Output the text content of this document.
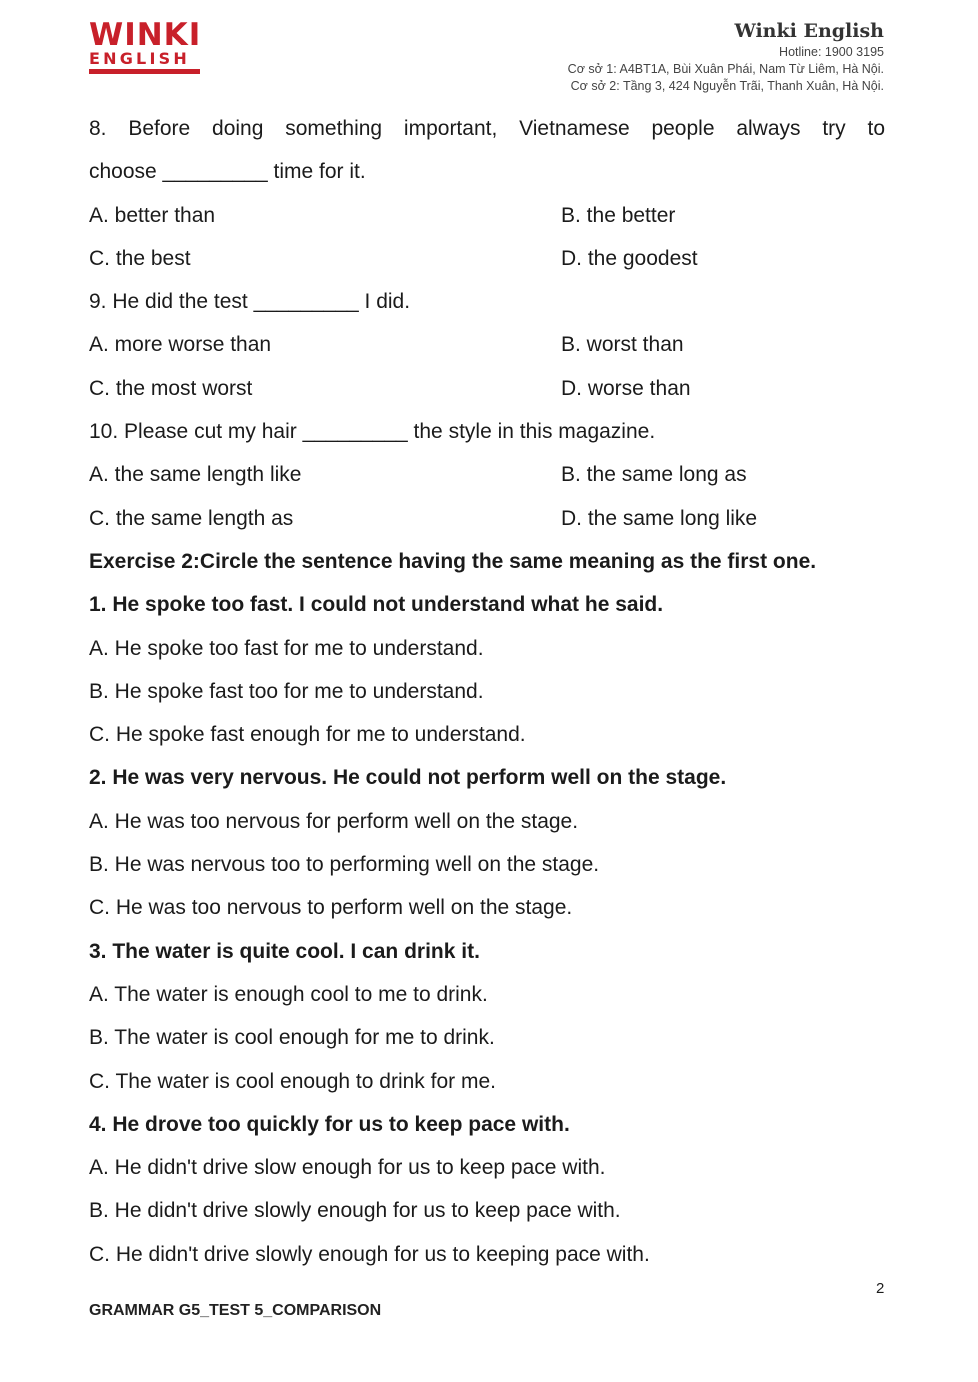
WINKI
ENGLISH
Winki English
Hotline: 1900 3195
Cơ sở 1: A4BT1A, Bùi Xuân Phái, Nam Từ Liêm, Hà Nội.
Cơ sở 2: Tầng 3, 424 Nguyễn Trãi, Thanh Xuân, Hà Nội.
8. Before doing something important, Vietnamese people always try to
choose _________ time for it.
A. better than	B. the better
C. the best	D. the goodest
9. He did the test _________ I did.
A. more worse than	B. worst than
C. the most worst	D. worse than
10. Please cut my hair _________ the style in this magazine.
A. the same length like	B. the same long as
C. the same length as	D. the same long like
Exercise 2:Circle the sentence having the same meaning as the first one.
1. He spoke too fast. I could not understand what he said.
A. He spoke too fast for me to understand.
B. He spoke fast too for me to understand.
C. He spoke fast enough for me to understand.
2. He was very nervous. He could not perform well on the stage.
A. He was too nervous for perform well on the stage.
B. He was nervous too to performing well on the stage.
C. He was too nervous to perform well on the stage.
3. The water is quite cool. I can drink it.
A. The water is enough cool to me to drink.
B. The water is cool enough for me to drink.
C. The water is cool enough to drink for me.
4. He drove too quickly for us to keep pace with.
A. He didn't drive slow enough for us to keep pace with.
B. He didn't drive slowly enough for us to keep pace with.
C. He didn't drive slowly enough for us to keeping pace with.
2
GRAMMAR G5_TEST 5_COMPARISON
